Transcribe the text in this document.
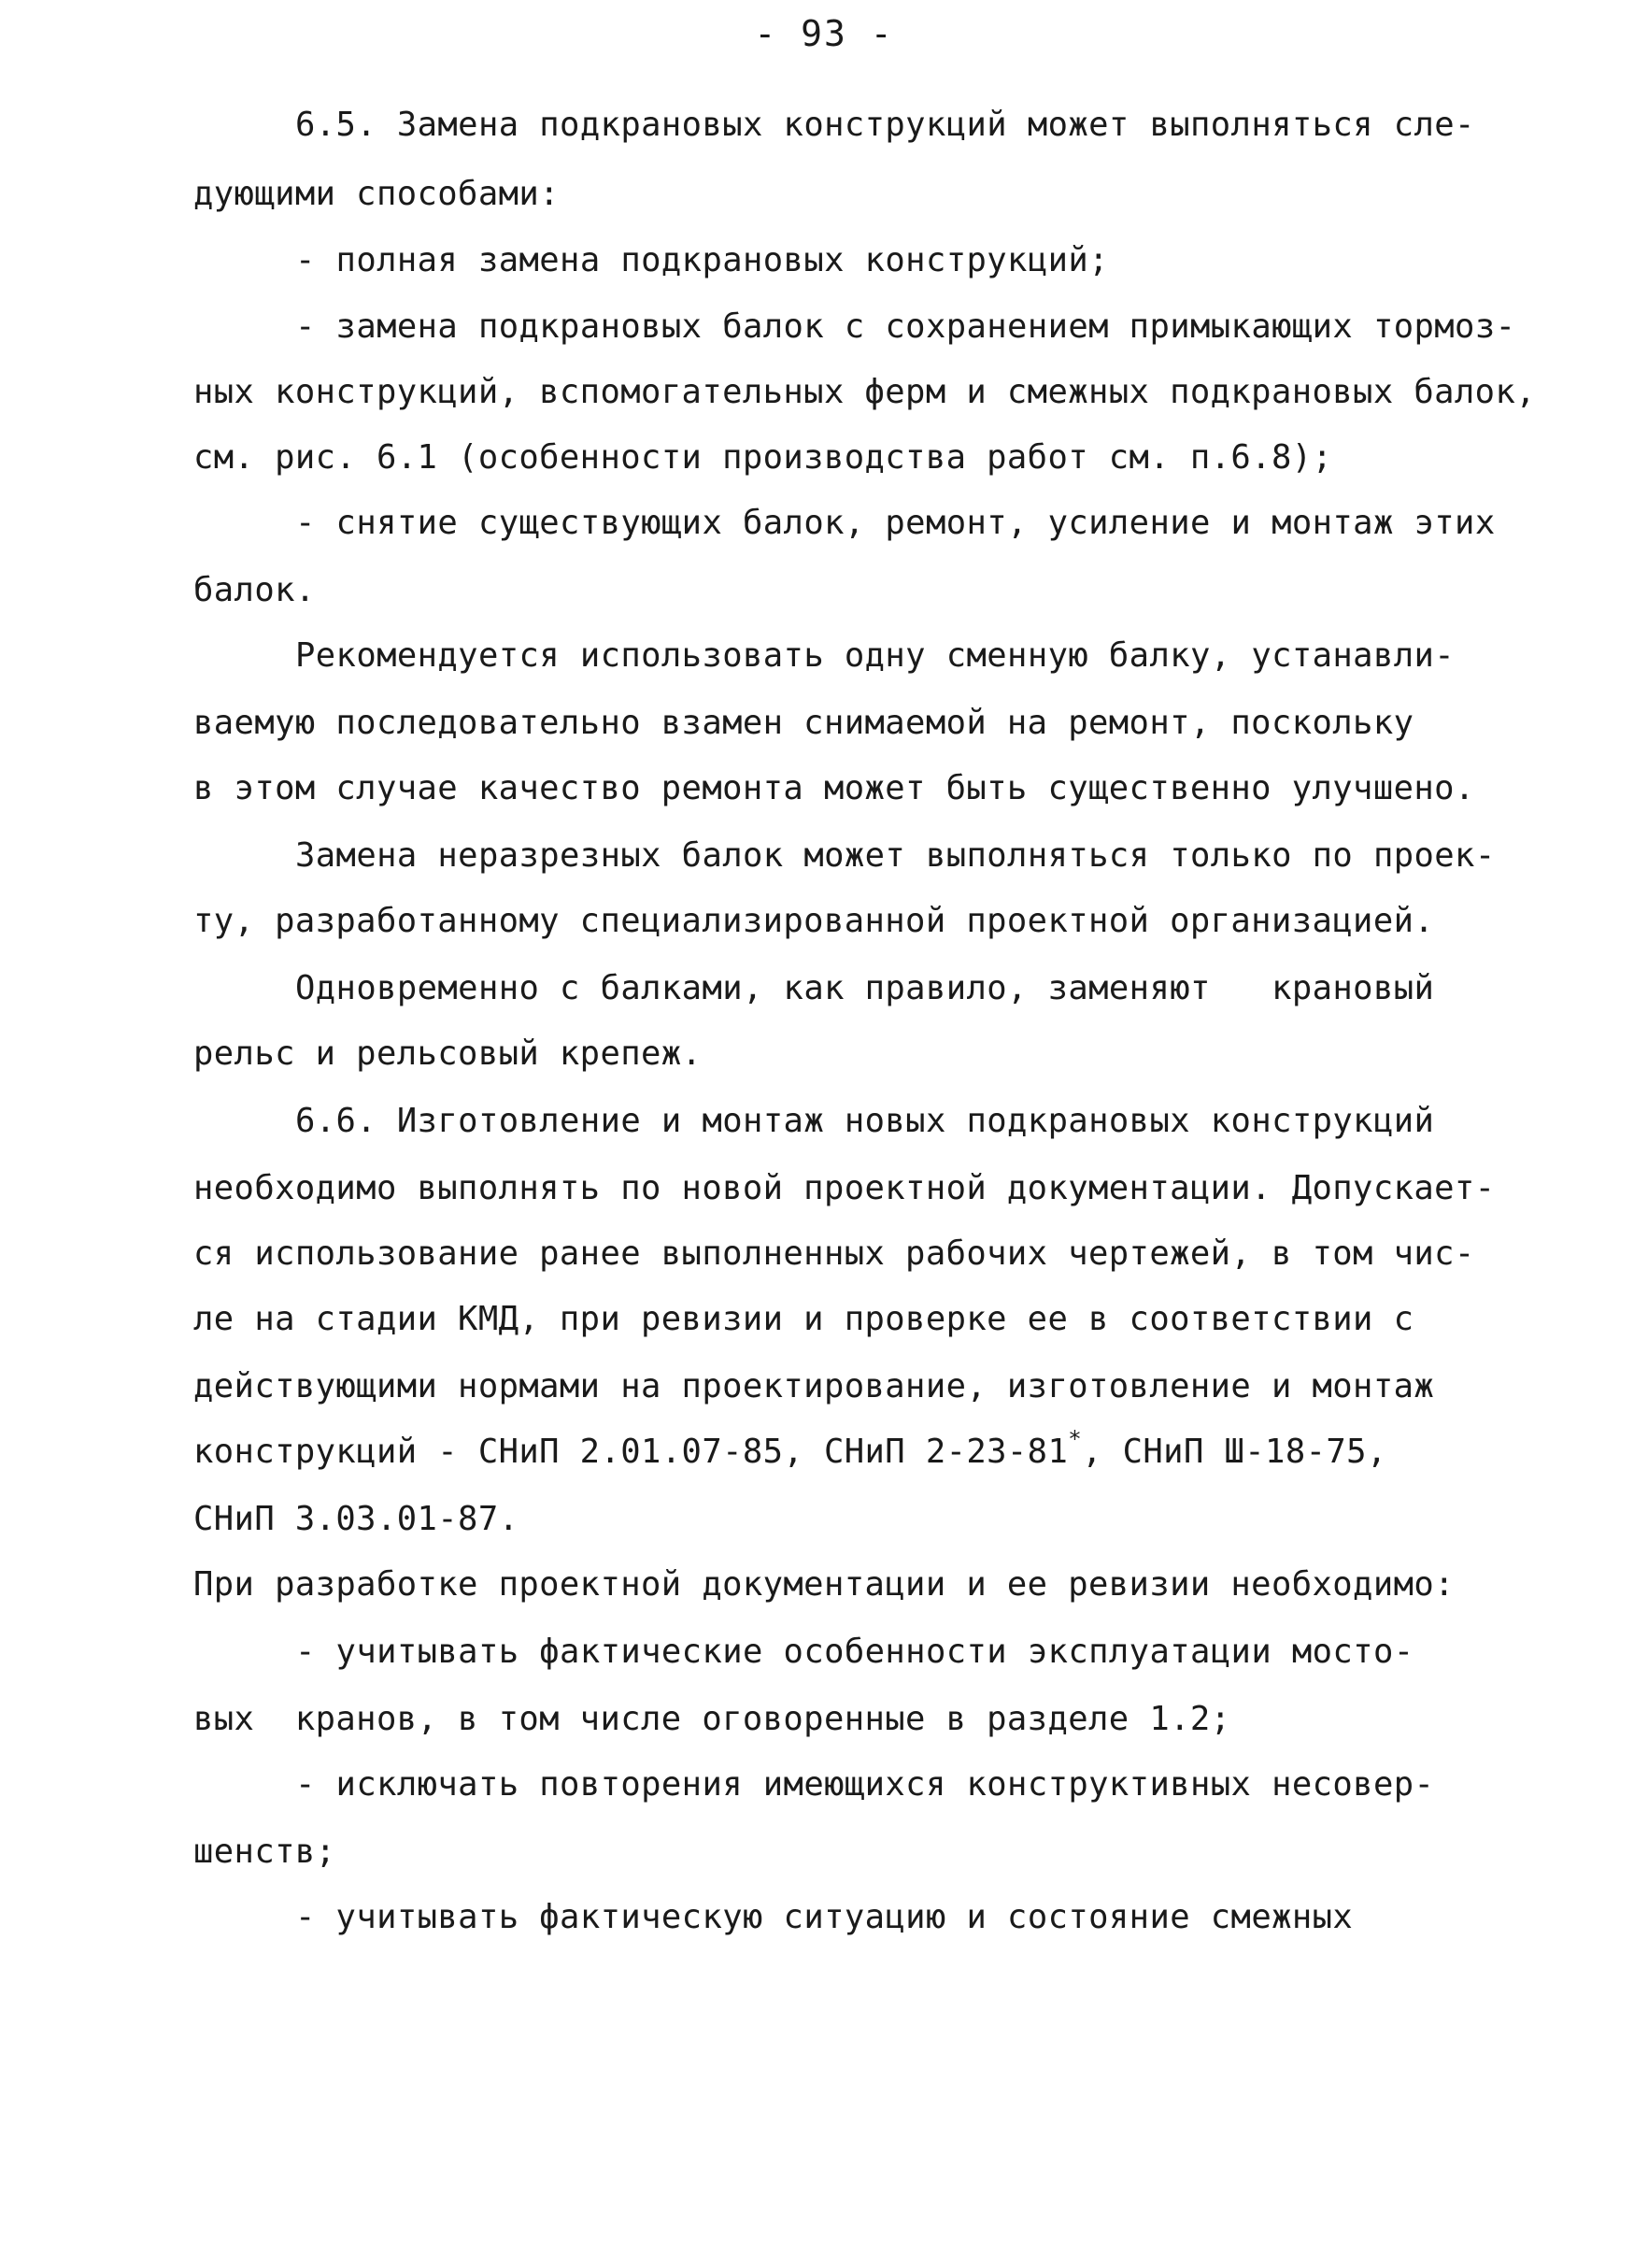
- 93 -
6.5. Замена подкрановых конструкций может выполняться сле-
дующими способами:
- полная замена подкрановых конструкций;
- замена подкрановых балок с сохранением примыкающих тормоз-
ных конструкций, вспомогательных ферм и смежных подкрановых балок,
см. рис. 6.1 (особенности производства работ см. п.6.8);
- снятие существующих балок, ремонт, усиление и монтаж этих
балок.
Рекомендуется использовать одну сменную балку, устанавли-
ваемую последовательно взамен снимаемой на ремонт, поскольку
в этом случае качество ремонта может быть существенно улучшено.
Замена неразрезных балок может выполняться только по проек-
ту, разработанному специализированной проектной организацией.
Одновременно с балками, как правило, заменяют   крановый
рельс и рельсовый крепеж.
6.6. Изготовление и монтаж новых подкрановых конструкций
необходимо выполнять по новой проектной документации. Допускает-
ся использование ранее выполненных рабочих чертежей, в том чис-
ле на стадии КМД, при ревизии и проверке ее в соответствии с
действующими нормами на проектирование, изготовление и монтаж
конструкций - СНиП 2.01.07-85, СНиП 2-23-81*, СНиП Ш-18-75,
СНиП 3.03.01-87.
При разработке проектной документации и ее ревизии необходимо:
- учитывать фактические особенности эксплуатации мосто-
вых  кранов, в том числе оговоренные в разделе 1.2;
- исключать повторения имеющихся конструктивных несовер-
шенств;
- учитывать фактическую ситуацию и состояние смежных
